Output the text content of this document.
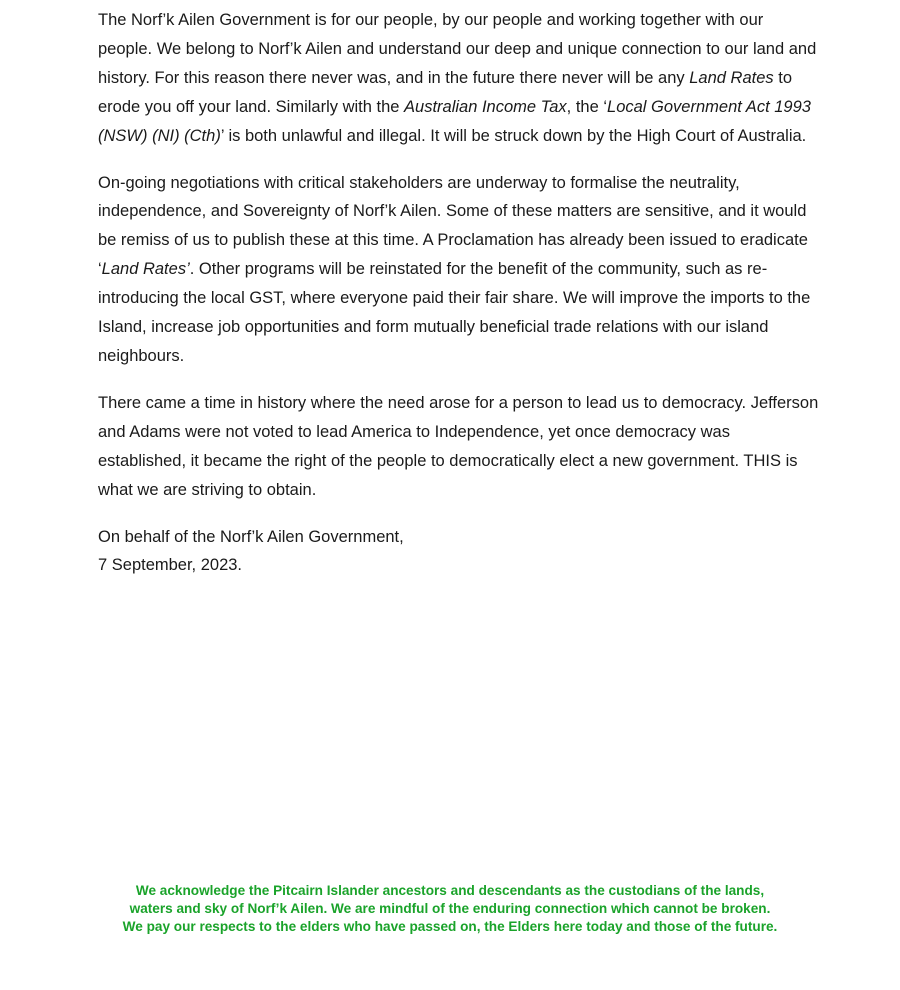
The Norf’k Ailen Government is for our people, by our people and working together with our people. We belong to Norf’k Ailen and understand our deep and unique connection to our land and history. For this reason there never was, and in the future there never will be any Land Rates to erode you off your land. Similarly with the Australian Income Tax, the ‘Local Government Act 1993 (NSW) (NI) (Cth)’ is both unlawful and illegal. It will be struck down by the High Court of Australia.

On-going negotiations with critical stakeholders are underway to formalise the neutrality, independence, and Sovereignty of Norf’k Ailen. Some of these matters are sensitive, and it would be remiss of us to publish these at this time. A Proclamation has already been issued to eradicate ‘Land Rates’. Other programs will be reinstated for the benefit of the community, such as re-introducing the local GST, where everyone paid their fair share. We will improve the imports to the Island, increase job opportunities and form mutually beneficial trade relations with our island neighbours.

There came a time in history where the need arose for a person to lead us to democracy. Jefferson and Adams were not voted to lead America to Independence, yet once democracy was established, it became the right of the people to democratically elect a new government. THIS is what we are striving to obtain.

On behalf of the Norf’k Ailen Government,

7 September, 2023.

We acknowledge the Pitcairn Islander ancestors and descendants as the custodians of the lands,
waters and sky of Norf’k Ailen. We are mindful of the enduring connection which cannot be broken.
We pay our respects to the elders who have passed on, the Elders here today and those of the future.
